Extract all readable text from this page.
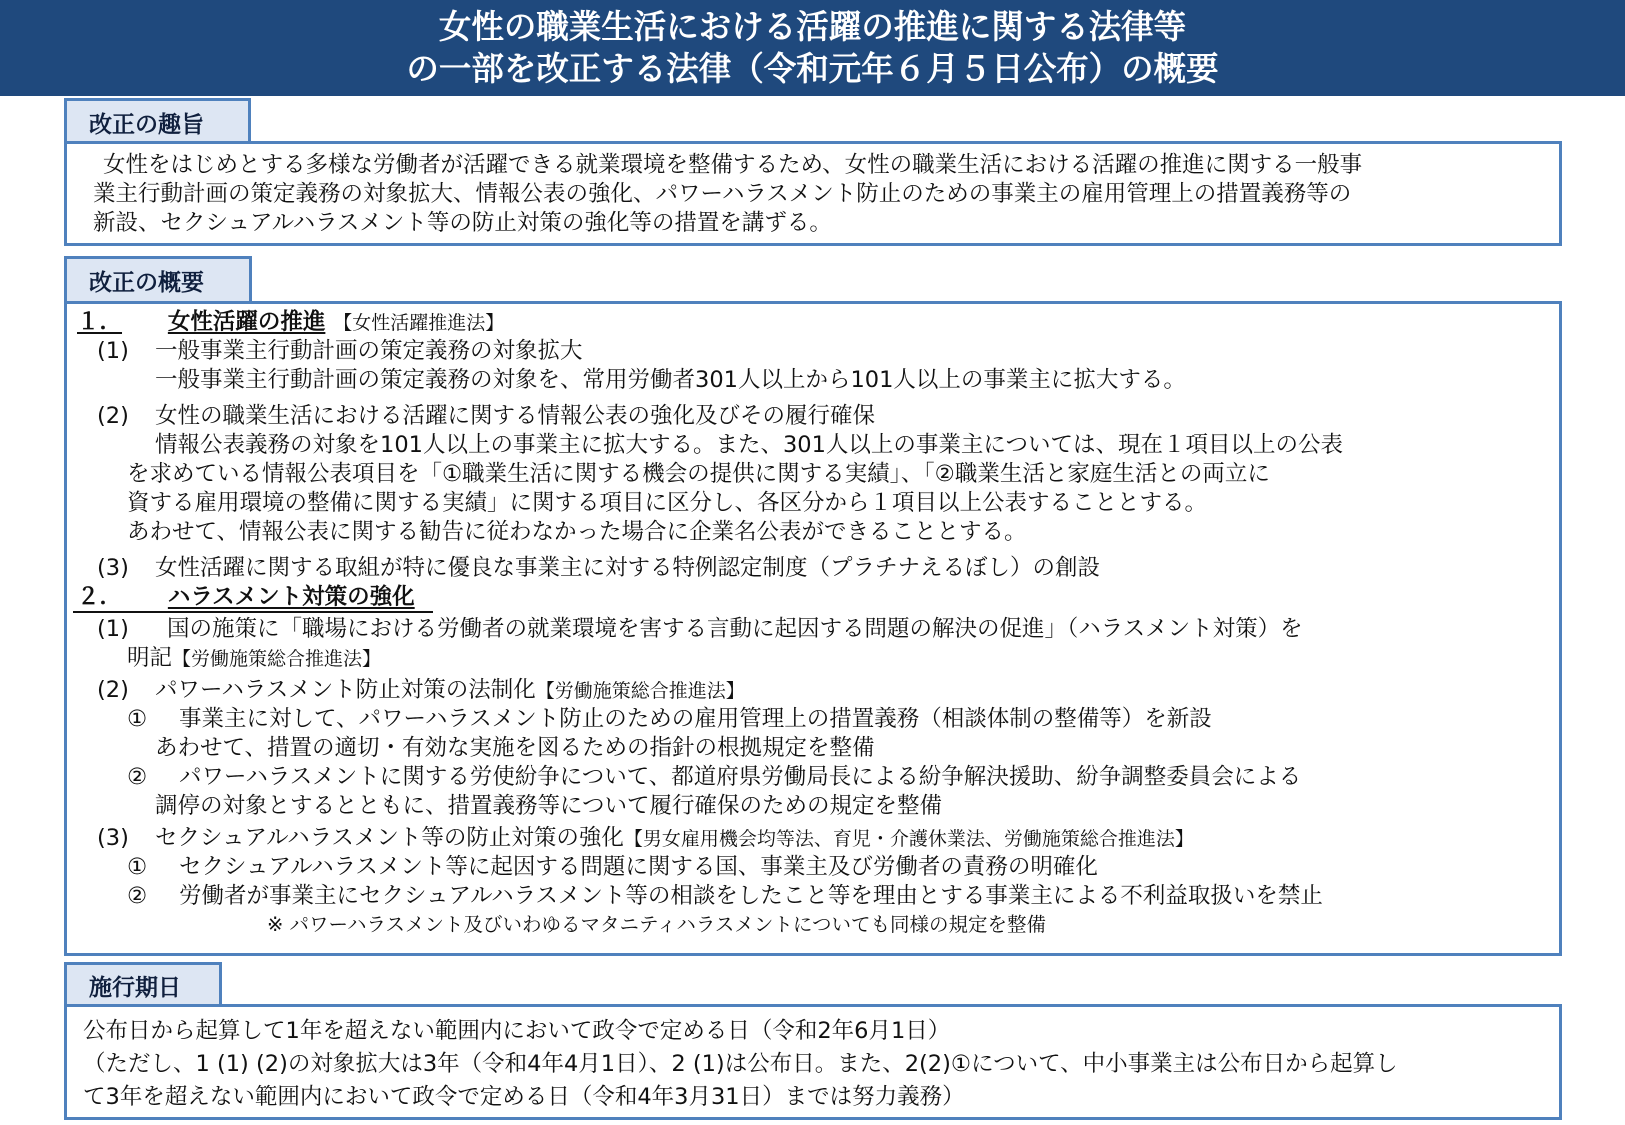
女性の職業生活における活躍の推進に関する法律等
の一部を改正する法律（令和元年６月５日公布）の概要
改正の趣旨
女性をはじめとする多様な労働者が活躍できる就業環境を整備するため、女性の職業生活における活躍の推進に関する一般事
業主行動計画の策定義務の対象拡大、情報公表の強化、パワーハラスメント防止のための事業主の雇用管理上の措置義務等の
新設、セクシュアルハラスメント等の防止対策の強化等の措置を講ずる。
改正の概要
１． 女性活躍の推進 【女性活躍推進法】
(1) 一般事業主行動計画の策定義務の対象拡大
一般事業主行動計画の策定義務の対象を、常用労働者301人以上から101人以上の事業主に拡大する。
(2) 女性の職業生活における活躍に関する情報公表の強化及びその履行確保
情報公表義務の対象を101人以上の事業主に拡大する。また、301人以上の事業主については、現在１項目以上の公表
を求めている情報公表項目を「①職業生活に関する機会の提供に関する実績」、「②職業生活と家庭生活との両立に
資する雇用環境の整備に関する実績」に関する項目に区分し、各区分から１項目以上公表することとする。
あわせて、情報公表に関する勧告に従わなかった場合に企業名公表ができることとする。
(3) 女性活躍に関する取組が特に優良な事業主に対する特例認定制度（プラチナえるぼし）の創設
２． ハラスメント対策の強化
(1) 国の施策に「職場における労働者の就業環境を害する言動に起因する問題の解決の促進」（ハラスメント対策）を
明記【労働施策総合推進法】
(2) パワーハラスメント防止対策の法制化【労働施策総合推進法】
① 事業主に対して、パワーハラスメント防止のための雇用管理上の措置義務（相談体制の整備等）を新設
あわせて、措置の適切・有効な実施を図るための指針の根拠規定を整備
② パワーハラスメントに関する労使紛争について、都道府県労働局長による紛争解決援助、紛争調整委員会による
調停の対象とするとともに、措置義務等について履行確保のための規定を整備
(3) セクシュアルハラスメント等の防止対策の強化【男女雇用機会均等法、育児・介護休業法、労働施策総合推進法】
① セクシュアルハラスメント等に起因する問題に関する国、事業主及び労働者の責務の明確化
② 労働者が事業主にセクシュアルハラスメント等の相談をしたこと等を理由とする事業主による不利益取扱いを禁止
※ パワーハラスメント及びいわゆるマタニティハラスメントについても同様の規定を整備
施行期日
公布日から起算して1年を超えない範囲内において政令で定める日（令和2年6月1日）
（ただし、1 (1) (2)の対象拡大は3年（令和4年4月1日）、2 (1)は公布日。また、2(2)①について、中小事業主は公布日から起算し
て3年を超えない範囲内において政令で定める日（令和4年3月31日）までは努力義務）
